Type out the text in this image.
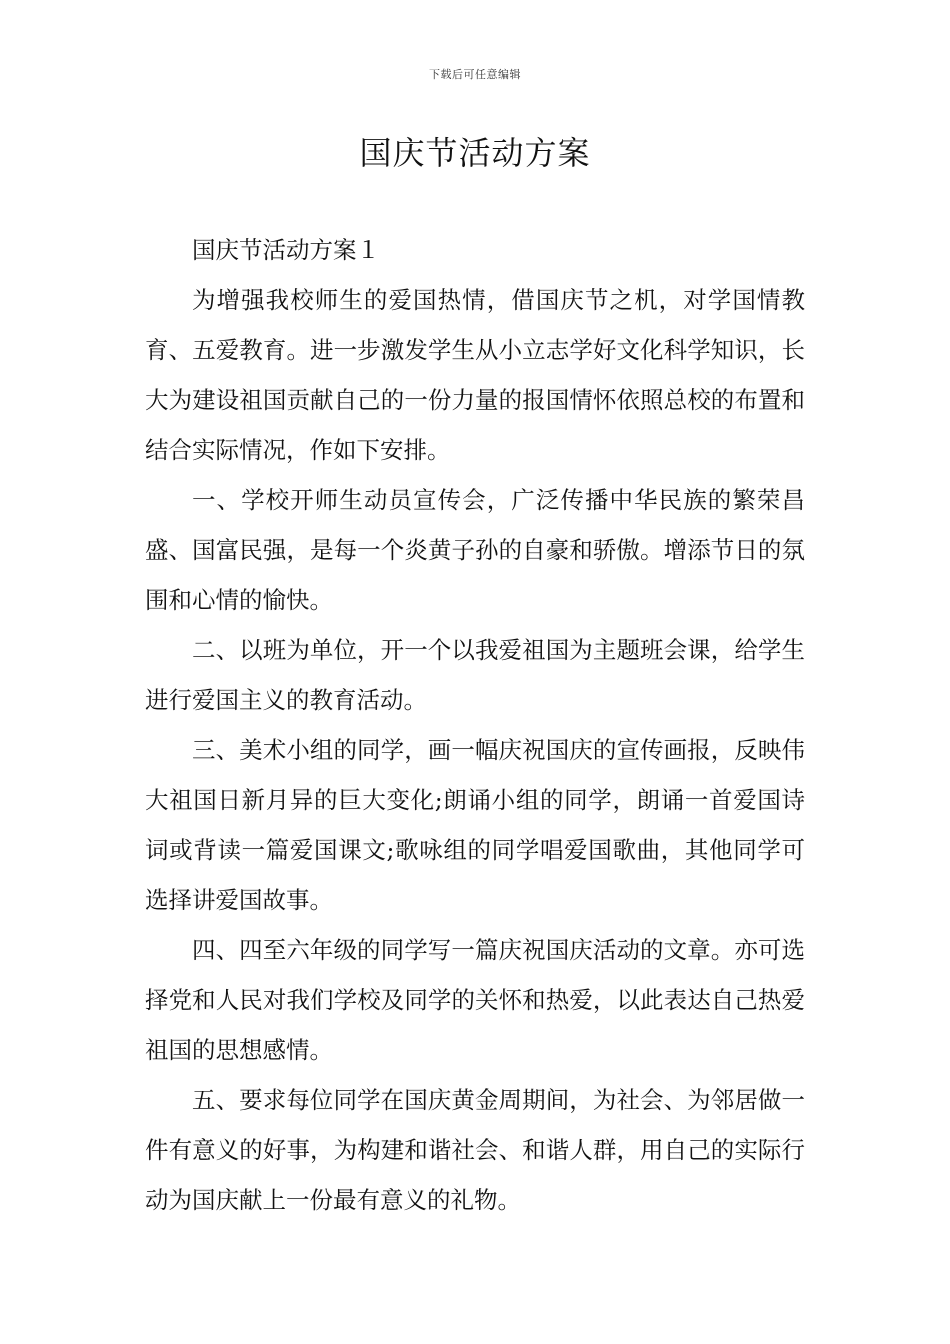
下载后可任意编辑
国庆节活动方案

国庆节活动方案１

为增强我校师生的爱国热情，借国庆节之机，对学国情教育、五爱教育。进一步激发学生从小立志学好文化科学知识，长大为建设祖国贡献自己的一份力量的报国情怀依照总校的布置和结合实际情况，作如下安排。

一、学校开师生动员宣传会，广泛传播中华民族的繁荣昌盛、国富民强，是每一个炎黄子孙的自豪和骄傲。增添节日的氛围和心情的愉快。

二、以班为单位，开一个以我爱祖国为主题班会课，给学生进行爱国主义的教育活动。

三、美术小组的同学，画一幅庆祝国庆的宣传画报，反映伟大祖国日新月异的巨大变化;朗诵小组的同学，朗诵一首爱国诗词或背读一篇爱国课文;歌咏组的同学唱爱国歌曲，其他同学可选择讲爱国故事。

四、四至六年级的同学写一篇庆祝国庆活动的文章。亦可选择党和人民对我们学校及同学的关怀和热爱，以此表达自己热爱祖国的思想感情。

五、要求每位同学在国庆黄金周期间，为社会、为邻居做一件有意义的好事，为构建和谐社会、和谐人群，用自己的实际行动为国庆献上一份最有意义的礼物。
